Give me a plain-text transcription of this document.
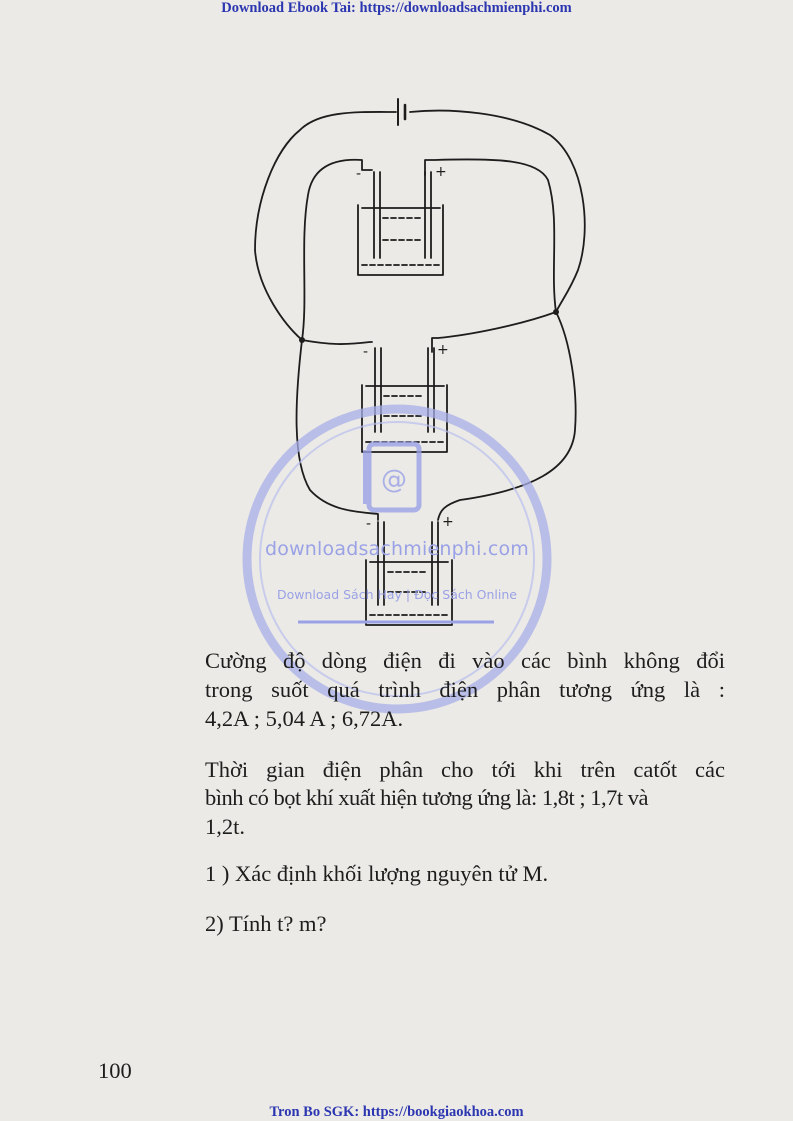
Download Ebook Tai: https://downloadsachmienphi.com
-	+
-	+
-	+
@
downloadsachmienphi.com
Download Sách Hay | Đọc Sách Online

Cường độ dòng điện đi vào các bình không đổi

trong suốt quá trình điện phân tương ứng là :

4,2A ; 5,04 A ; 6,72A.

Thời gian điện phân cho tới khi trên catốt các

bình có bọt khí xuất hiện tương ứng là: 1,8t ; 1,7t và

1,2t.

1 ) Xác định khối lượng nguyên tử M.

2) Tính t? m?

100
Tron Bo SGK: https://bookgiaokhoa.com
